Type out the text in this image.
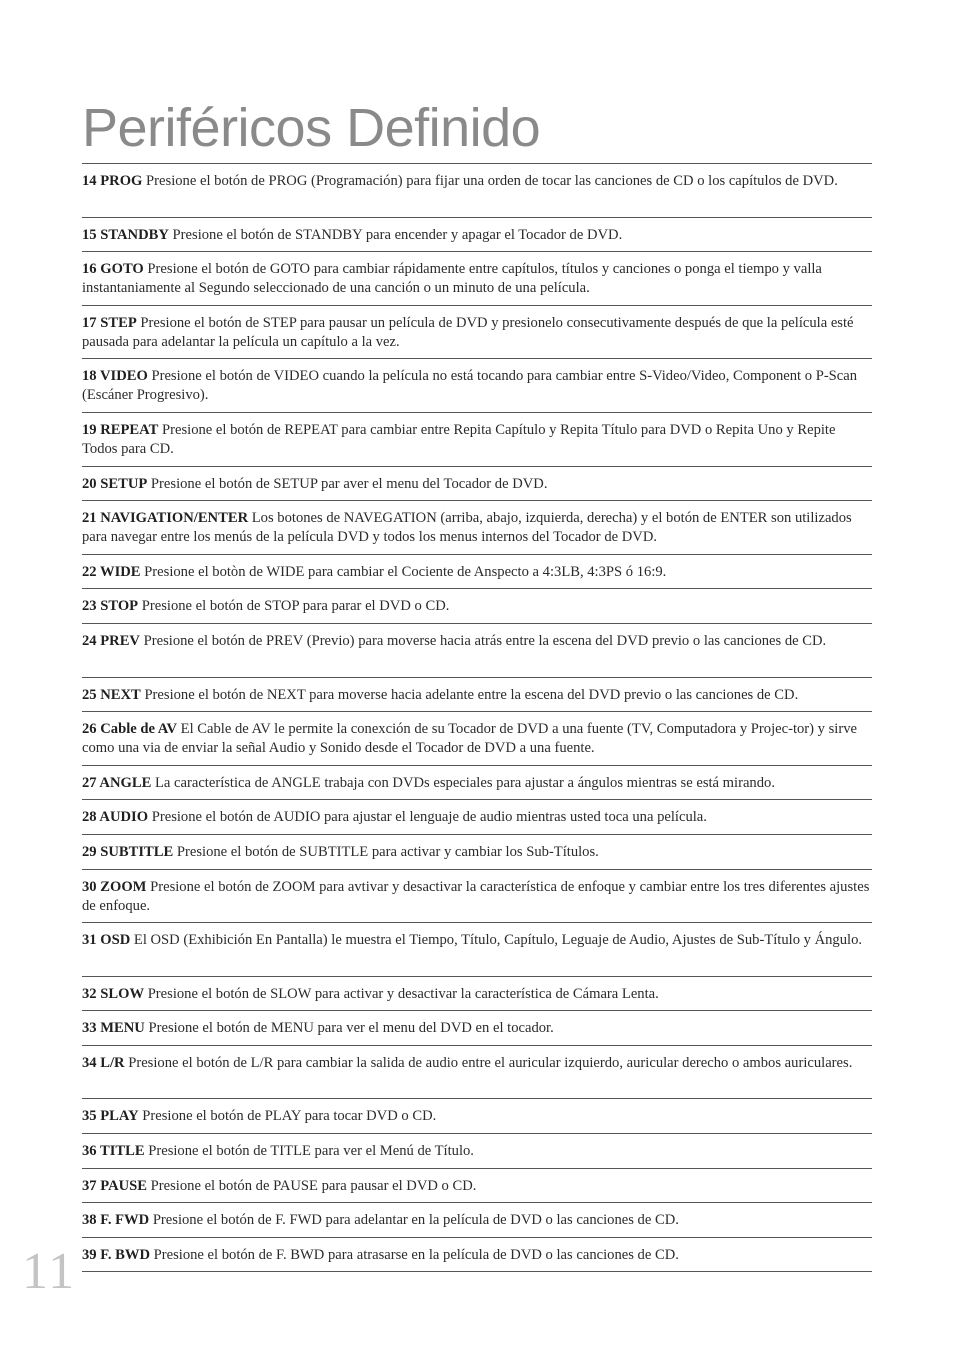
Periféricos Definido
14 PROG Presione el botón de PROG (Programación) para fijar una orden de tocar las canciones de CD o los capítulos de DVD.
15 STANDBY Presione el botón de STANDBY para encender y apagar el Tocador de DVD.
16 GOTO Presione el botón de GOTO para cambiar rápidamente entre capítulos, títulos y canciones o ponga el tiempo y valla instantaniamente al Segundo seleccionado de una canción o un minuto de una película.
17 STEP Presione el botón de STEP para pausar un película de DVD y presionelo consecutivamente después de que la película esté pausada para adelantar la película un capítulo a la vez.
18 VIDEO Presione el botón de VIDEO cuando la película no está tocando para cambiar entre S-Video/Video, Component o P-Scan (Escáner Progresivo).
19 REPEAT Presione el botón de REPEAT para cambiar entre Repita Capítulo y Repita Título para DVD o Repita Uno y Repite Todos para CD.
20 SETUP Presione el botón de SETUP par aver el menu del Tocador de DVD.
21 NAVIGATION/ENTER Los botones de NAVEGATION (arriba, abajo, izquierda, derecha) y el botón de ENTER son utilizados para navegar entre los menús de la película DVD y todos los menus internos del Tocador de DVD.
22 WIDE Presione el botòn de WIDE para cambiar el Cociente de Anspecto a 4:3LB, 4:3PS ó 16:9.
23 STOP Presione el botón de STOP para parar el DVD o CD.
24 PREV Presione el botón de PREV (Previo) para moverse hacia atrás entre la escena del DVD previo o las canciones de CD.
25 NEXT Presione el botón de NEXT para moverse hacia adelante entre la escena del DVD previo o las canciones de CD.
26 Cable de AV El Cable de AV le permite la conexción de su Tocador de DVD a una fuente (TV, Computadora y Projec-tor) y sirve como una via de enviar la señal Audio y Sonido desde el Tocador de DVD a una fuente.
27 ANGLE La característica de ANGLE trabaja con DVDs especiales para ajustar a ángulos mientras se está mirando.
28 AUDIO Presione el botón de AUDIO para ajustar el lenguaje de audio mientras usted toca una película.
29 SUBTITLE Presione el botón de SUBTITLE para activar y cambiar los Sub-Títulos.
30 ZOOM Presione el botón de ZOOM para avtivar y desactivar la característica de enfoque y cambiar entre los tres diferentes ajustes de enfoque.
31 OSD El OSD (Exhibición En Pantalla) le muestra el Tiempo, Título, Capítulo, Leguaje de Audio, Ajustes de Sub-Título y Ángulo.
32 SLOW Presione el botón de SLOW para activar y desactivar la característica de Cámara Lenta.
33 MENU Presione el botón de MENU para ver el menu del DVD en el tocador.
34 L/R Presione el botón de L/R para cambiar la salida de audio entre el auricular izquierdo, auricular derecho o ambos auriculares.
35 PLAY Presione el botón de PLAY para tocar DVD o CD.
36 TITLE Presione el botón de TITLE para ver el Menú de Título.
37 PAUSE Presione el botón de PAUSE para pausar el DVD o CD.
38 F. FWD Presione el botón de F. FWD para adelantar en la película de DVD o las canciones de CD.
39 F. BWD Presione el botón de F. BWD para atrasarse en la película de DVD o las canciones de CD.
11
